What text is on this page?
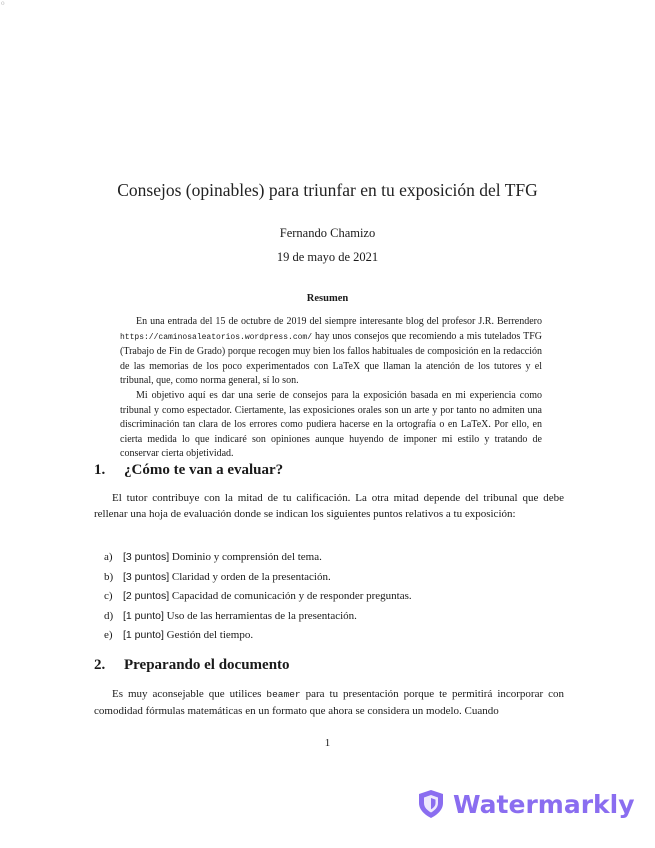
o
Consejos (opinables) para triunfar en tu exposición del TFG
Fernando Chamizo
19 de mayo de 2021
Resumen

En una entrada del 15 de octubre de 2019 del siempre interesante blog del profesor J.R. Berrendero https://caminosaleatorios.wordpress.com/ hay unos consejos que recomiendo a mis tutelados TFG (Trabajo de Fin de Grado) porque recogen muy bien los fallos habituales de composición en la redacción de las memorias de los poco experimentados con LaTeX que llaman la atención de los tutores y el tribunal, que, como norma general, sí lo son.

Mi objetivo aquí es dar una serie de consejos para la exposición basada en mi experiencia como tribunal y como espectador. Ciertamente, las exposiciones orales son un arte y por tanto no admiten una discriminación tan clara de los errores como pudiera hacerse en la ortografía o en LaTeX. Por ello, en cierta medida lo que indicaré son opiniones aunque huyendo de imponer mi estilo y tratando de conservar cierta objetividad.

1. ¿Cómo te van a evaluar?

El tutor contribuye con la mitad de tu calificación. La otra mitad depende del tribunal que debe rellenar una hoja de evaluación donde se indican los siguientes puntos relativos a tu exposición:

a) [3 puntos] Dominio y comprensión del tema.
b) [3 puntos] Claridad y orden de la presentación.
c) [2 puntos] Capacidad de comunicación y de responder preguntas.
d) [1 punto] Uso de las herramientas de la presentación.
e) [1 punto] Gestión del tiempo.
2. Preparando el documento

Es muy aconsejable que utilices beamer para tu presentación porque te permitirá incorporar con comodidad fórmulas matemáticas en un formato que ahora se considera un modelo. Cuando

1
Watermarkly
